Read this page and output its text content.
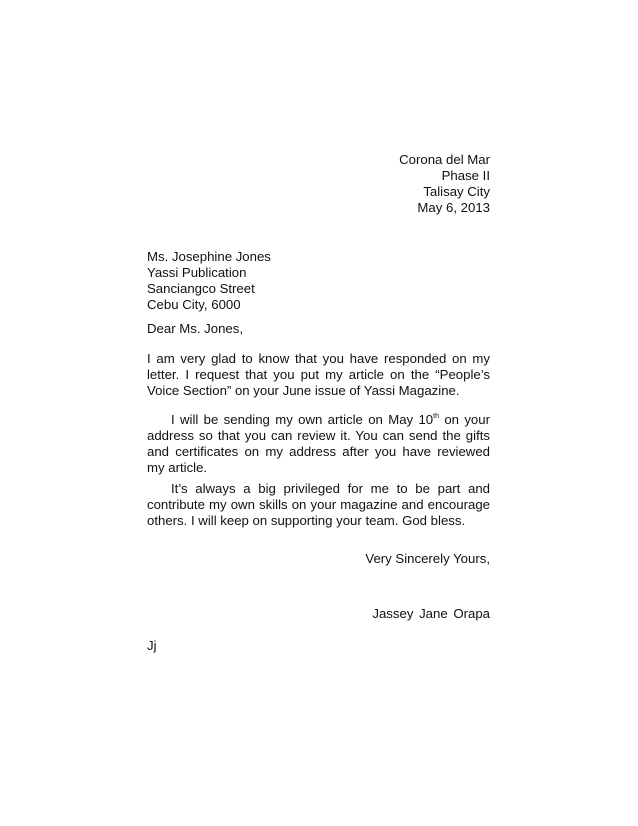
Corona del Mar
Phase II
Talisay City
May 6, 2013
Ms. Josephine Jones
Yassi Publication
Sanciangco Street
Cebu City, 6000
Dear Ms. Jones,

I am very glad to know that you have responded on my letter. I request that you put my article on the “People’s Voice Section” on your June issue of Yassi Magazine.

I will be sending my own article on May 10th on your address so that you can review it. You can send the gifts and certificates on my address after you have reviewed my article.

It’s always a big privileged for me to be part and contribute my own skills on your magazine and encourage others. I will keep on supporting your team. God bless.

Very Sincerely Yours,
Jassey Jane Orapa
Jj
